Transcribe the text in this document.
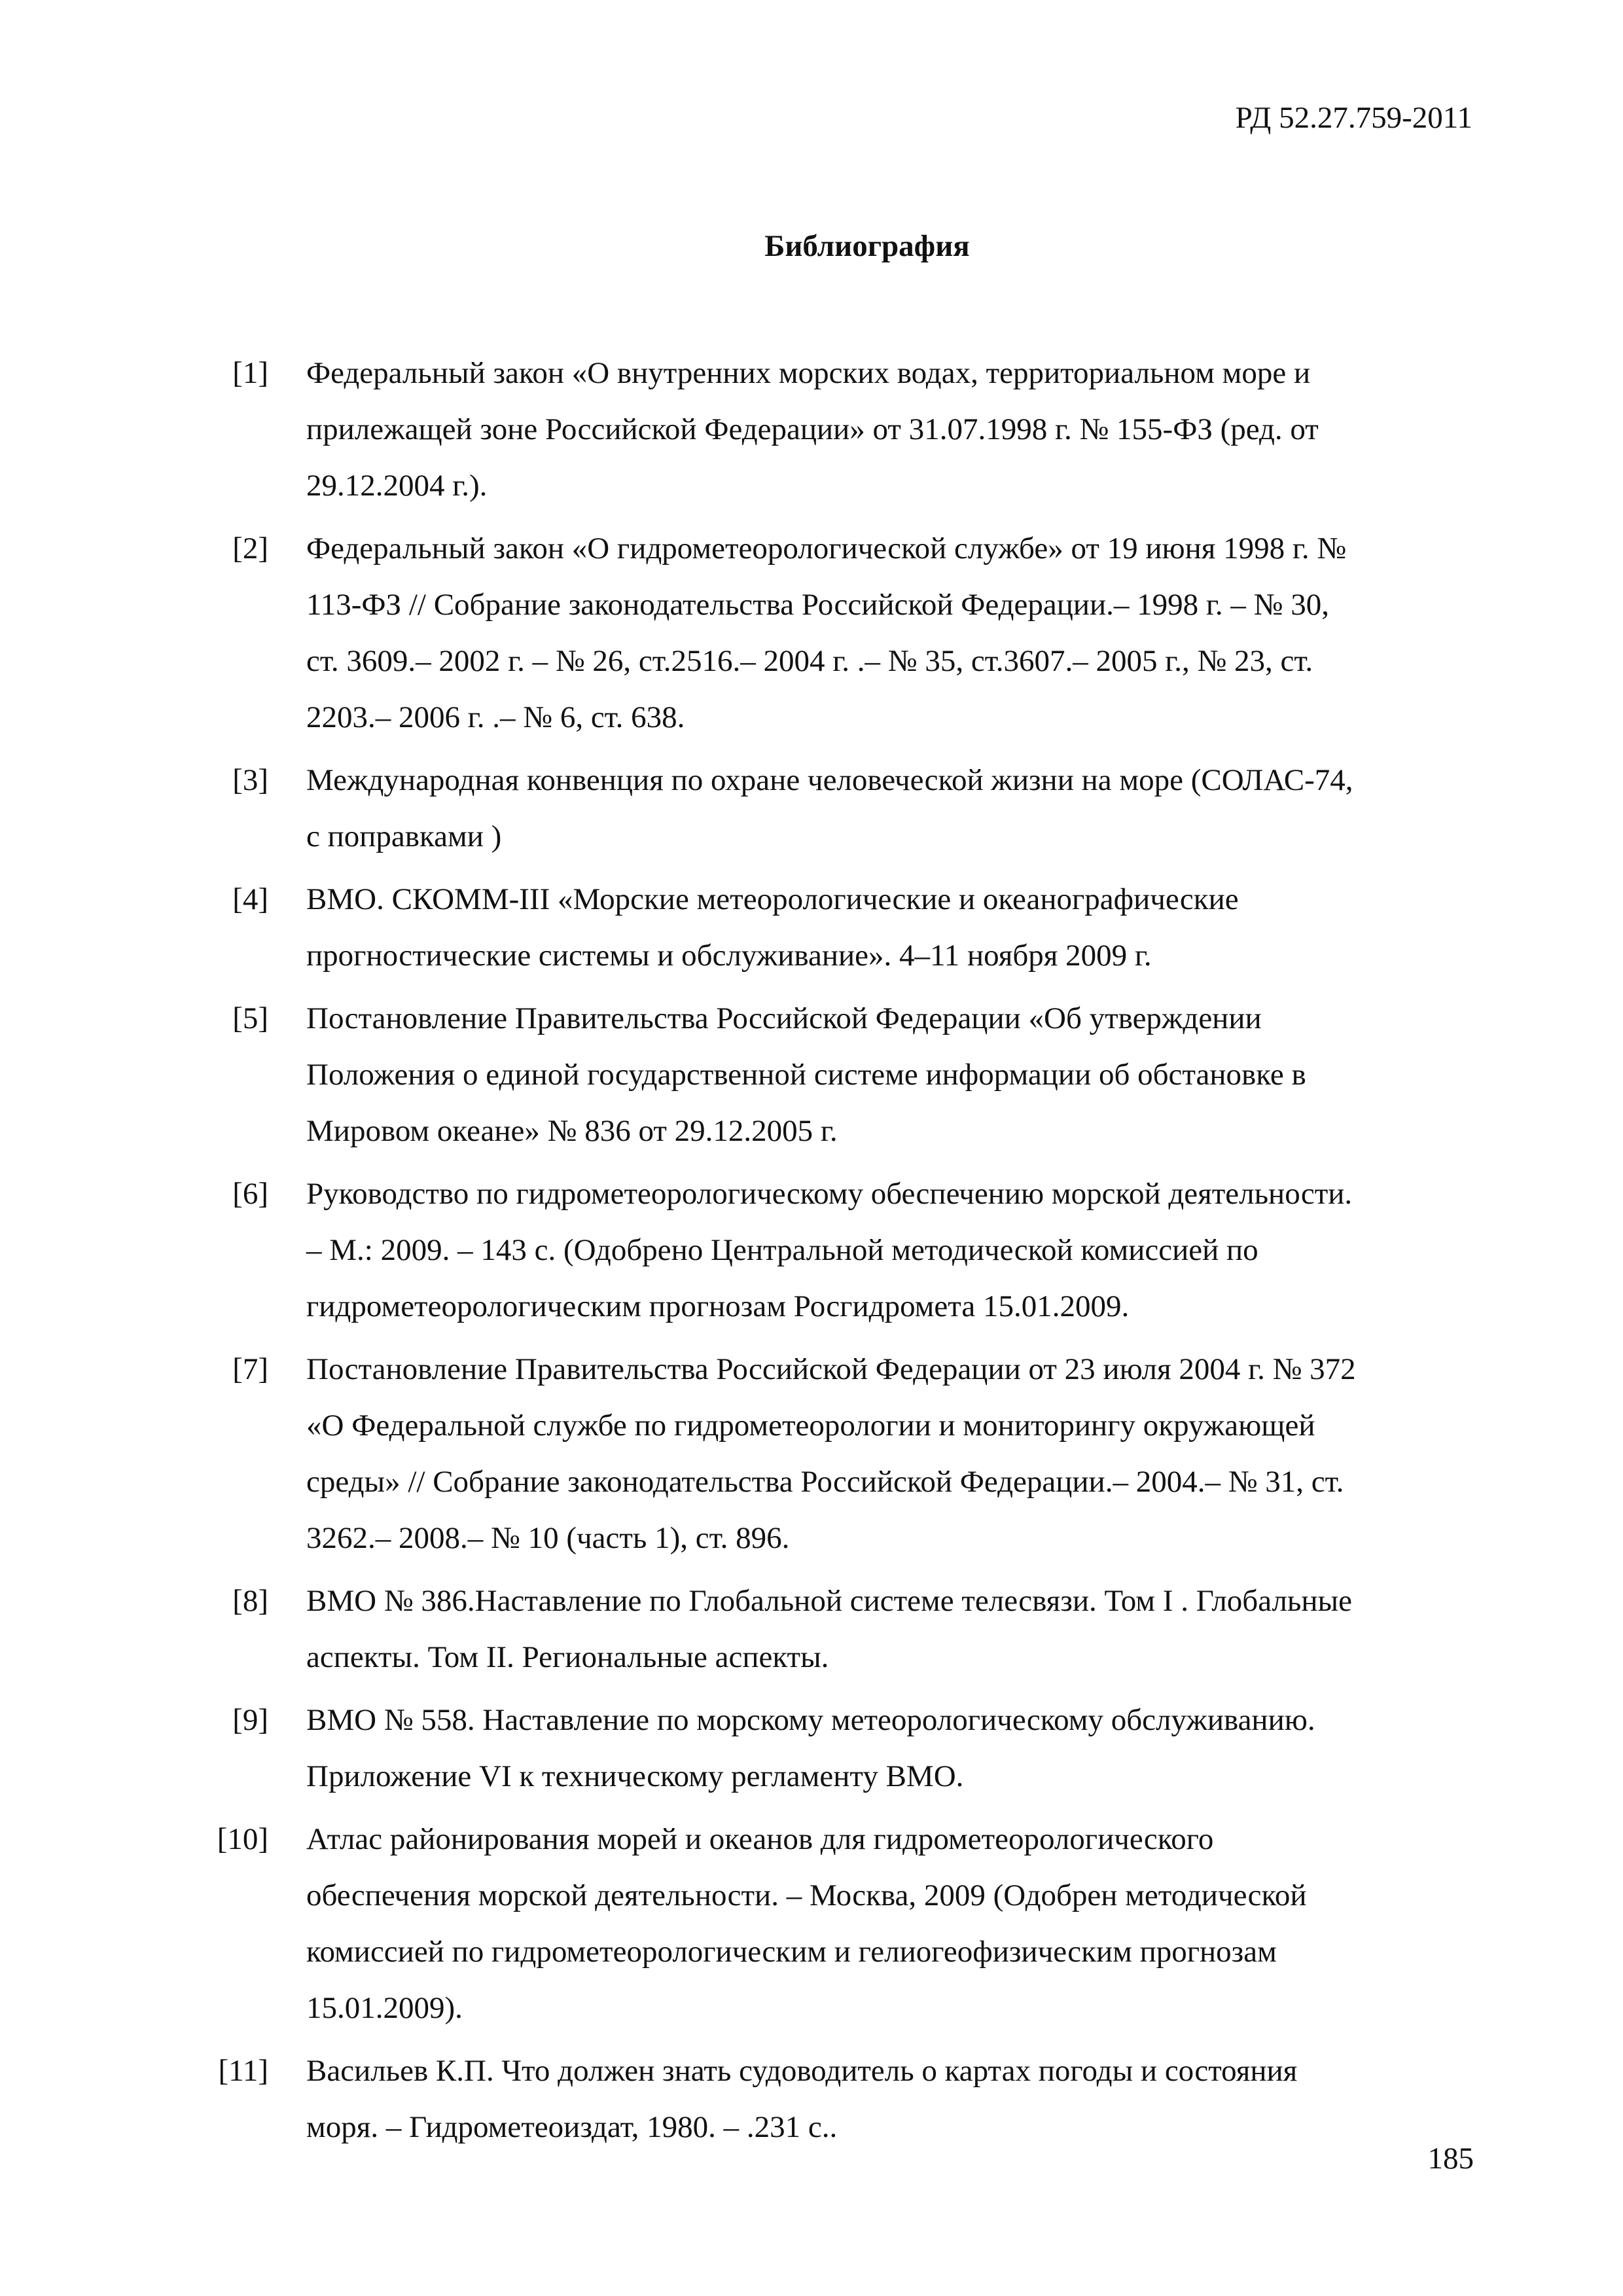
РД 52.27.759-2011
Библиография
[1] Федеральный закон «О внутренних морских водах, территориальном море и
прилежащей зоне Российской Федерации» от 31.07.1998 г. № 155-ФЗ (ред. от
29.12.2004 г.).
[2] Федеральный закон «О гидрометеорологической службе» от 19 июня 1998 г. №
113-ФЗ // Собрание законодательства Российской Федерации.– 1998 г. – № 30,
ст. 3609.– 2002 г. – № 26, ст.2516.– 2004 г. .– № 35, ст.3607.– 2005 г., № 23, ст.
2203.– 2006 г. .– № 6, ст. 638.
[3] Международная конвенция по охране человеческой жизни на море (СОЛАС-74,
с поправками )
[4] ВМО. СКОММ-III «Морские метеорологические и океанографические
прогностические системы и обслуживание». 4–11 ноября 2009 г.
[5] Постановление Правительства Российской Федерации «Об утверждении
Положения о единой государственной системе информации об обстановке в
Мировом океане» № 836 от 29.12.2005 г.
[6] Руководство по гидрометеорологическому обеспечению морской деятельности.
– М.: 2009. – 143 с. (Одобрено Центральной методической комиссией по
гидрометеорологическим прогнозам Росгидромета 15.01.2009.
[7] Постановление Правительства Российской Федерации от 23 июля 2004 г. № 372
«О Федеральной службе по гидрометеорологии и мониторингу окружающей
среды» // Собрание законодательства Российской Федерации.– 2004.– № 31, ст.
3262.– 2008.– № 10 (часть 1), ст. 896.
[8] ВМО № 386.Наставление по Глобальной системе телесвязи. Том I . Глобальные
аспекты. Том II. Региональные аспекты.
[9] ВМО № 558. Наставление по морскому метеорологическому обслуживанию.
Приложение VI к техническому регламенту ВМО.
[10] Атлас районирования морей и океанов для гидрометеорологического
обеспечения морской деятельности. – Москва, 2009 (Одобрен методической
комиссией по гидрометеорологическим и гелиогеофизическим прогнозам
15.01.2009).
[11] Васильев К.П. Что должен знать судоводитель о картах погоды и состояния
моря. – Гидрометеоиздат, 1980. – .231 с..
185
